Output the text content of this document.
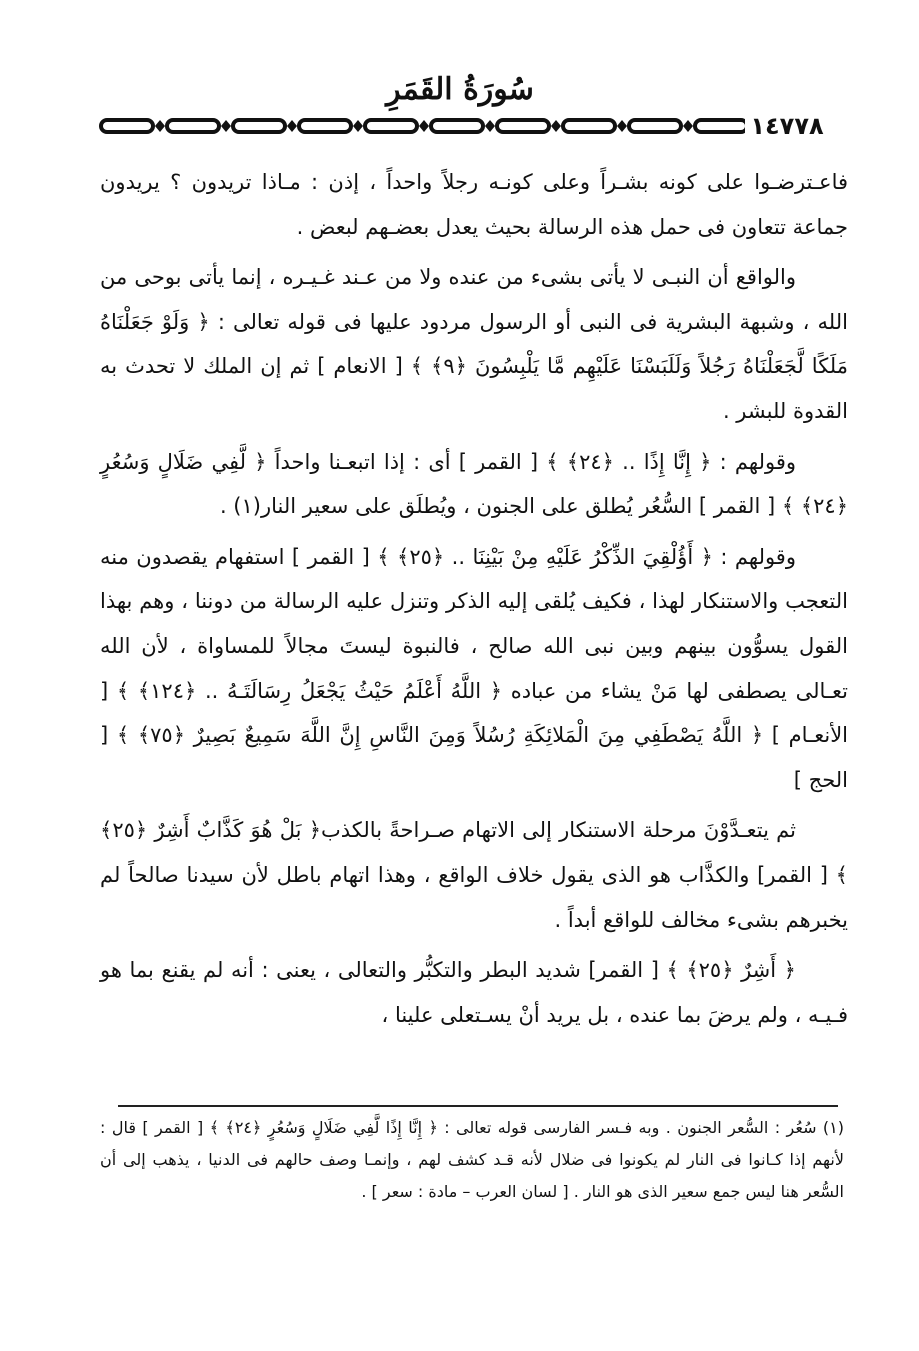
سُورَةُ القَمَرِ
١٤٧٧٨

فاعـترضـوا على كونه بشـراً وعلى كونـه رجلاً واحداً ، إذن : مـاذا تريدون ؟ يريدون جماعة تتعاون فى حمل هذه الرسالة بحيث يعدل بعضـهم لبعض .

والواقع أن النبـى لا يأتى بشىء من عنده ولا من عـند غـيـره ، إنما يأتى بوحى من الله ، وشبهة البشرية فى النبى أو الرسول مردود عليها فى قوله تعالى : ﴿ وَلَوْ جَعَلْنَاهُ مَلَكًا لَّجَعَلْنَاهُ رَجُلاً وَلَلَبَسْنَا عَلَيْهِم مَّا يَلْبِسُونَ ﴿٩﴾ ﴾ [ الانعام ] ثم إن الملك لا تحدث به القدوة للبشر .

وقولهم : ﴿ إِنَّا إِذًا .. ﴿٢٤﴾ ﴾ [ القمر ] أى : إذا اتبعـنا واحداً ﴿ لَّفِي ضَلَالٍ وَسُعُرٍ ﴿٢٤﴾ ﴾ [ القمر ] السُّعُر يُطلق على الجنون ، ويُطلَق على سعير النار(١) .

وقولهم : ﴿ أَؤُلْقِيَ الذِّكْرُ عَلَيْهِ مِنْ بَيْنِنَا .. ﴿٢٥﴾ ﴾ [ القمر ] استفهام يقصدون منه التعجب والاستنكار لهذا ، فكيف يُلقى إليه الذكر وتنزل عليه الرسالة من دوننا ، وهم بهذا القول يسوُّون بينهم وبين نبى الله صالح ، فالنبوة ليستَ مجالاً للمساواة ، لأن الله تعـالى يصطفى لها مَنْ يشاء من عباده ﴿ اللَّهُ أَعْلَمُ حَيْثُ يَجْعَلُ رِسَالَتَـهُ .. ﴿١٢٤﴾ ﴾ [ الأنعـام ] ﴿ اللَّهُ يَصْطَفِي مِنَ الْمَلائِكَةِ رُسُلاً وَمِنَ النَّاسِ إِنَّ اللَّهَ سَمِيعٌ بَصِيرٌ ﴿٧٥﴾ ﴾ [ الحج ]

ثم يتعـدَّوْنَ مرحلة الاستنكار إلى الاتهام صـراحةً بالكذب﴿ بَلْ هُوَ كَذَّابٌ أَشِرٌ ﴿٢٥﴾ ﴾ [ القمر] والكذَّاب هو الذى يقول خلاف الواقع ، وهذا اتهام باطل لأن سيدنا صالحاً لم يخبرهم بشىء مخالف للواقع أبداً .

﴿ أَشِرٌ ﴿٢٥﴾ ﴾ [ القمر] شديد البطر والتكبُّر والتعالى ، يعنى : أنه لم يقنع بما هو فـيـه ، ولم يرضَ بما عنده ، بل يريد أنْ يسـتعلى علينا ،

(١) سُعُر : السُّعر الجنون . وبه فـسر الفارسى قوله تعالى : ﴿ إِنَّا إِذًا لَّفِي ضَلَالٍ وَسُعُرٍ ﴿٢٤﴾ ﴾ [ القمر ] قال : لأنهم إذا كـانوا فى النار لم يكونوا فى ضلال لأنه قـد كشف لهم ، وإنمـا وصف حالهم فى الدنيا ، يذهب إلى أن السُّعر هنا ليس جمع سعير الذى هو النار . [ لسان العرب – مادة : سعر ] .
